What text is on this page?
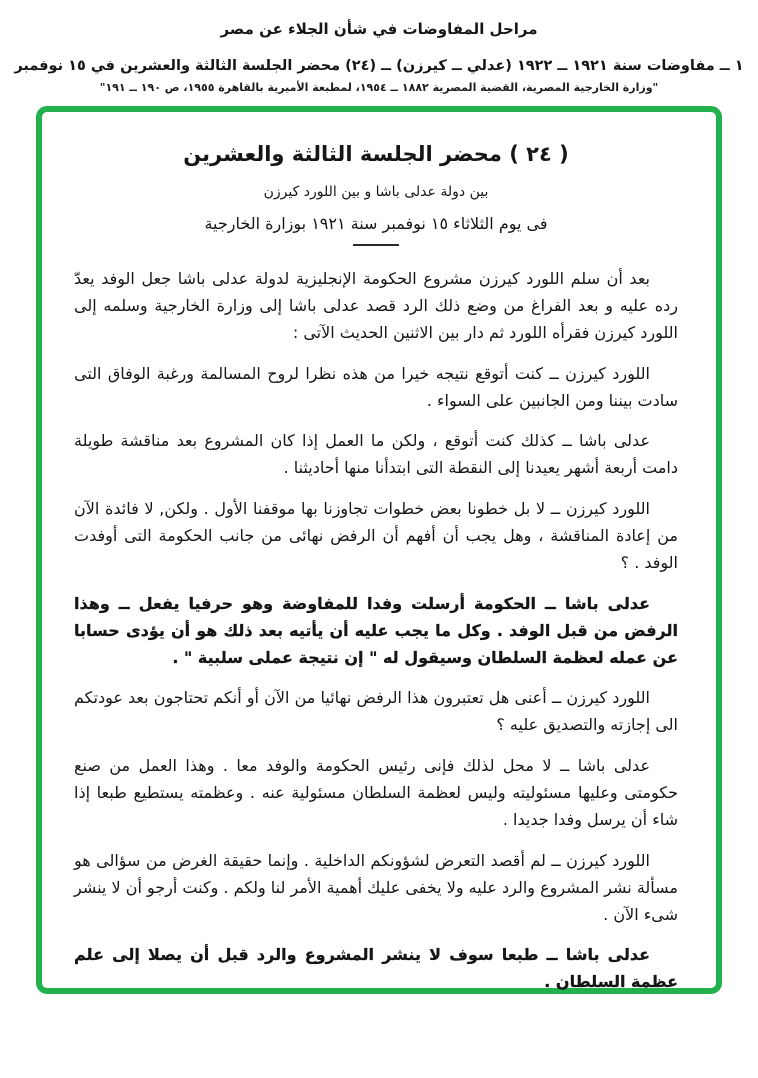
مراحل المفاوضات في شأن الجلاء عن مصر
١ ــ مفاوضات سنة ١٩٢١ ــ ١٩٢٢ (عدلي ــ كيرزن) ــ (٢٤) محضر الجلسة الثالثة والعشرين في ١٥ نوفمبر
"وزارة الخارجية المصرية، القضية المصرية ١٨٨٢ ــ ١٩٥٤، لمطبعة الأميرية بالقاهرة ١٩٥٥، ص ١٩٠ ــ ١٩١"
( ٢٤ ) محضر الجلسة الثالثة والعشرين
بين دولة عدلى باشا و بين اللورد كيرزن
فى يوم الثلاثاء ١٥ نوفمبر سنة ١٩٢١ بوزارة الخارجية

بعد أن سلم اللورد كيرزن مشروع الحكومة الإنجليزية لدولة عدلى باشا جعل الوفد يعدّ رده عليه و بعد الفراغ من وضع ذلك الرد قصد عدلى باشا إلى وزارة الخارجية وسلمه إلى اللورد كيرزن فقرأه اللورد ثم دار بين الاثنين الحديث الآتى :

اللورد كيرزن ــ كنت أتوقع نتيجه خيرا من هذه نظرا لروح المسالمة ورغبة الوفاق التى سادت بيننا ومن الجانبين على السواء .

عدلى باشا ــ كذلك كنت أتوقع ، ولكن ما العمل إذا كان المشروع بعد مناقشة طويلة دامت أربعة أشهر يعيدنا إلى النقطة التى ابتدأنا منها أحاديثنا .

اللورد كيرزن ــ لا بل خطونا بعض خطوات تجاوزنا بها موقفنا الأول . ولكن, لا فائدة الآن من إعادة المناقشة ، وهل يجب أن أفهم أن الرفض نهائى من جانب الحكومة التى أوفدت الوفد . ؟

عدلى باشا ــ الحكومة أرسلت وفدا للمفاوضة وهو حرفيا يفعل ــ وهذا الرفض من قبل الوفد . وكل ما يجب عليه أن يأتيه بعد ذلك هو أن يؤدى حسابا عن عمله لعظمة السلطان وسيقول له " إن نتيجة عملى سلبية " .

اللورد كيرزن ــ أعنى هل تعتبرون هذا الرفض نهائيا من الآن أو أنكم تحتاجون بعد عودتكم الى إجازته والتصديق عليه ؟

عدلى باشا ــ لا محل لذلك فإنى رئيس الحكومة والوفد معا . وهذا العمل من صنع حكومتى وعليها مسئوليته وليس لعظمة السلطان مسئولية عنه . وعظمته يستطيع طبعا إذا شاء أن يرسل وفدا جديدا .

اللورد كيرزن ــ لم أقصد التعرض لشؤونكم الداخلية . وإنما حقيقة الغرض من سؤالى هو مسألة نشر المشروع والرد عليه ولا يخفى عليك أهمية الأمر لنا ولكم . وكنت أرجو أن لا ينشر شىء الآن .

عدلى باشا ــ طبعا سوف لا ينشر المشروع والرد قبل أن يصلا إلى علم عظمة السلطان .
